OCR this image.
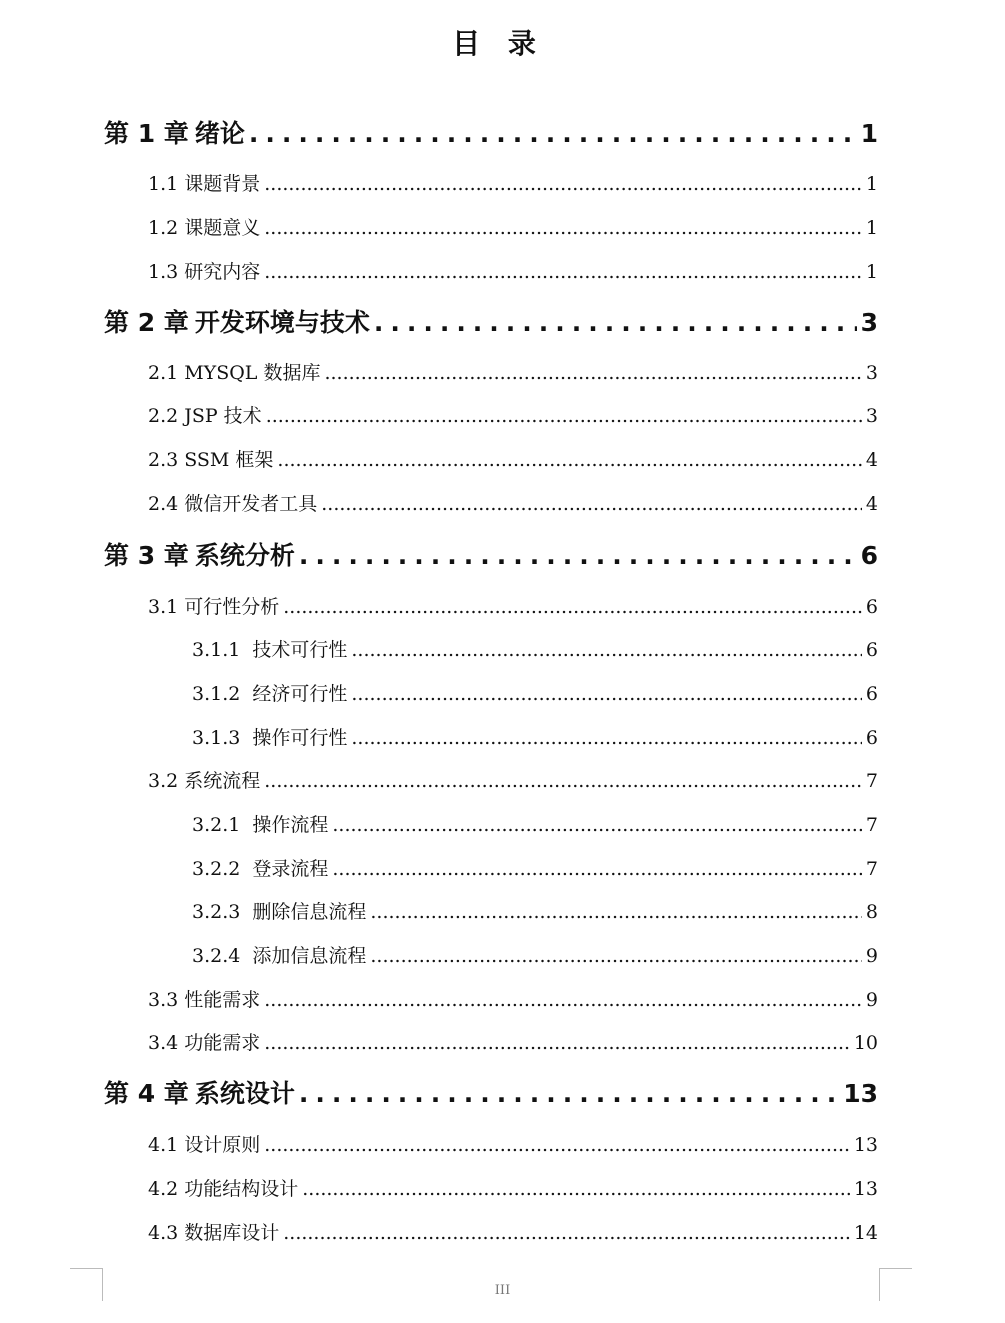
目 录
第 1 章 绪论 .....	1
1.1 课题背景 .....	1
1.2 课题意义 .....	1
1.3 研究内容 .....	1
第 2 章 开发环境与技术 .....	3
2.1 MYSQL 数据库 .....	3
2.2 JSP 技术 .....	3
2.3 SSM 框架 .....	4
2.4 微信开发者工具 .....	4
第 3 章 系统分析 .....	6
3.1 可行性分析 .....	6
3.1.1 技术可行性 .....	6
3.1.2 经济可行性 .....	6
3.1.3 操作可行性 .....	6
3.2 系统流程 .....	7
3.2.1 操作流程 .....	7
3.2.2 登录流程 .....	7
3.2.3 删除信息流程 .....	8
3.2.4 添加信息流程 .....	9
3.3 性能需求 .....	9
3.4 功能需求 .....	10
第 4 章 系统设计 .....	13
4.1 设计原则 .....	13
4.2 功能结构设计 .....	13
4.3 数据库设计 .....	14
III
